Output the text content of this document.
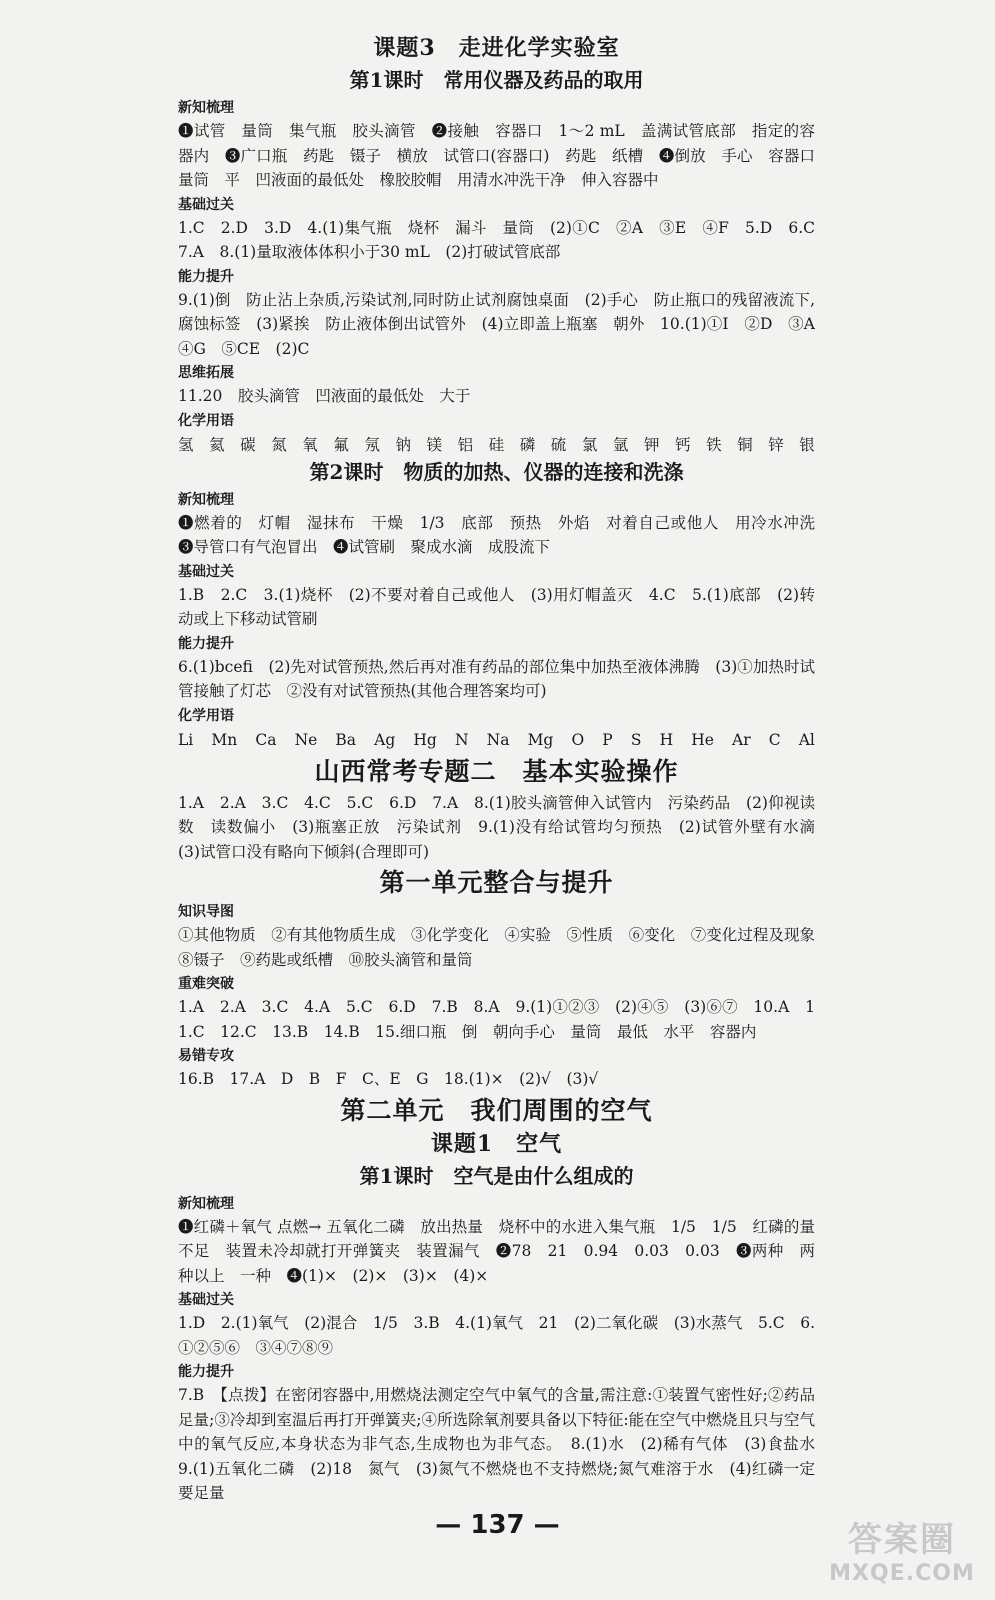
课题3　走进化学实验室
第1课时　常用仪器及药品的取用
新知梳理

❶试管　量筒　集气瓶　胶头滴管　❷接触　容器口　1～2 mL　盖满试管底部　指定的容器内　❸广口瓶　药匙　镊子　横放　试管口(容器口)　药匙　纸槽　❹倒放　手心　容器口　量筒　平　凹液面的最低处　橡胶胶帽　用清水冲洗干净　伸入容器中

基础过关

1.C　2.D　3.D　4.(1)集气瓶　烧杯　漏斗　量筒　(2)①C　②A　③E　④F　5.D　6.C　7.A　8.(1)量取液体体积小于30 mL　(2)打破试管底部

能力提升

9.(1)倒　防止沾上杂质,污染试剂,同时防止试剂腐蚀桌面　(2)手心　防止瓶口的残留液流下,腐蚀标签　(3)紧挨　防止液体倒出试管外　(4)立即盖上瓶塞　朝外　10.(1)①I　②D　③A　④G　⑤CE　(2)C

思维拓展

11.20　胶头滴管　凹液面的最低处　大于

化学用语
氢 氦 碳 氮 氧 氟 氖 钠 镁 铝 硅 磷 硫 氯 氩 钾 钙 铁 铜 锌 银
第2课时　物质的加热、仪器的连接和洗涤
新知梳理

❶燃着的　灯帽　湿抹布　干燥　1/3　底部　预热　外焰　对着自己或他人　用冷水冲洗　❸导管口有气泡冒出　❹试管刷　聚成水滴　成股流下

基础过关

1.B　2.C　3.(1)烧杯　(2)不要对着自己或他人　(3)用灯帽盖灭　4.C　5.(1)底部　(2)转动或上下移动试管刷

能力提升

6.(1)bcefi　(2)先对试管预热,然后再对准有药品的部位集中加热至液体沸腾　(3)①加热时试管接触了灯芯　②没有对试管预热(其他合理答案均可)

化学用语
Li Mn Ca Ne Ba Ag Hg N Na Mg O P S H He Ar C Al
山西常考专题二　基本实验操作

1.A　2.A　3.C　4.C　5.C　6.D　7.A　8.(1)胶头滴管伸入试管内　污染药品　(2)仰视读数　读数偏小　(3)瓶塞正放　污染试剂　9.(1)没有给试管均匀预热　(2)试管外壁有水滴　(3)试管口没有略向下倾斜(合理即可)

第一单元整合与提升
知识导图

①其他物质　②有其他物质生成　③化学变化　④实验　⑤性质　⑥变化　⑦变化过程及现象　⑧镊子　⑨药匙或纸槽　⑩胶头滴管和量筒

重难突破

1.A　2.A　3.C　4.A　5.C　6.D　7.B　8.A　9.(1)①②③　(2)④⑤　(3)⑥⑦　10.A　11.C　12.C　13.B　14.B　15.细口瓶　倒　朝向手心　量筒　最低　水平　容器内

易错专攻

16.B　17.A　D　B　F　C、E　G　18.(1)×　(2)√　(3)√

第二单元　我们周围的空气
课题1　空气
第1课时　空气是由什么组成的
新知梳理

❶红磷＋氧气 点燃→ 五氧化二磷　放出热量　烧杯中的水进入集气瓶　1/5　1/5　红磷的量不足　装置未冷却就打开弹簧夹　装置漏气　❷78　21　0.94　0.03　0.03　❸两种　两种以上　一种　❹(1)×　(2)×　(3)×　(4)×

基础过关

1.D　2.(1)氧气　(2)混合　1/5　3.B　4.(1)氧气　21　(2)二氧化碳　(3)水蒸气　5.C　6.①②⑤⑥　③④⑦⑧⑨

能力提升

7.B　【点拨】在密闭容器中,用燃烧法测定空气中氧气的含量,需注意:①装置气密性好;②药品足量;③冷却到室温后再打开弹簧夹;④所选除氧剂要具备以下特征:能在空气中燃烧且只与空气中的氧气反应,本身状态为非气态,生成物也为非气态。　8.(1)水　(2)稀有气体　(3)食盐水　9.(1)五氧化二磷　(2)18　氮气　(3)氮气不燃烧也不支持燃烧;氮气难溶于水　(4)红磷一定要足量

— 137 —	答案圈
MXQE.COM
